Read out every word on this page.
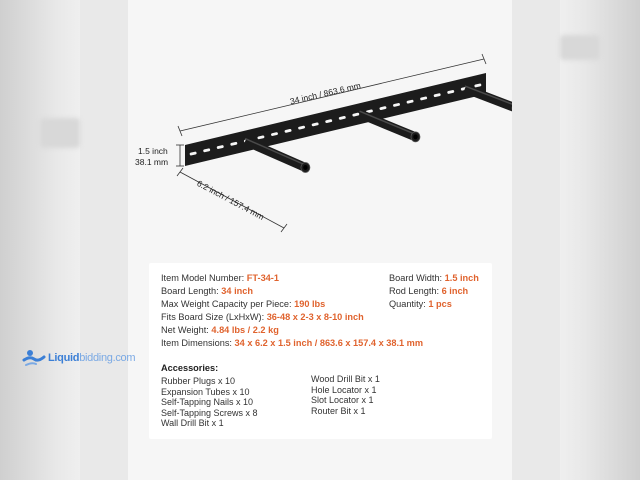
34 inch / 863.6 mm
1.5 inch
38.1 mm
6.2 inch / 157.4 mm
Liquidbidding.com
Item Model Number: FT-34-1
Board Length: 34 inch
Max Weight Capacity per Piece: 190 lbs
Fits Board Size (LxHxW): 36-48 x 2-3 x 8-10 inch
Net Weight: 4.84 lbs / 2.2 kg
Item Dimensions: 34 x 6.2 x 1.5 inch / 863.6 x 157.4 x 38.1 mm
Board Width: 1.5 inch
Rod Length: 6 inch
Quantity: 1 pcs
Accessories:
Rubber Plugs x 10
Expansion Tubes x 10
Self-Tapping Nails x 10
Self-Tapping Screws x 8
Wall Drill Bit x 1
Wood Drill Bit x 1
Hole Locator x 1
Slot Locator x 1
Router Bit x 1
